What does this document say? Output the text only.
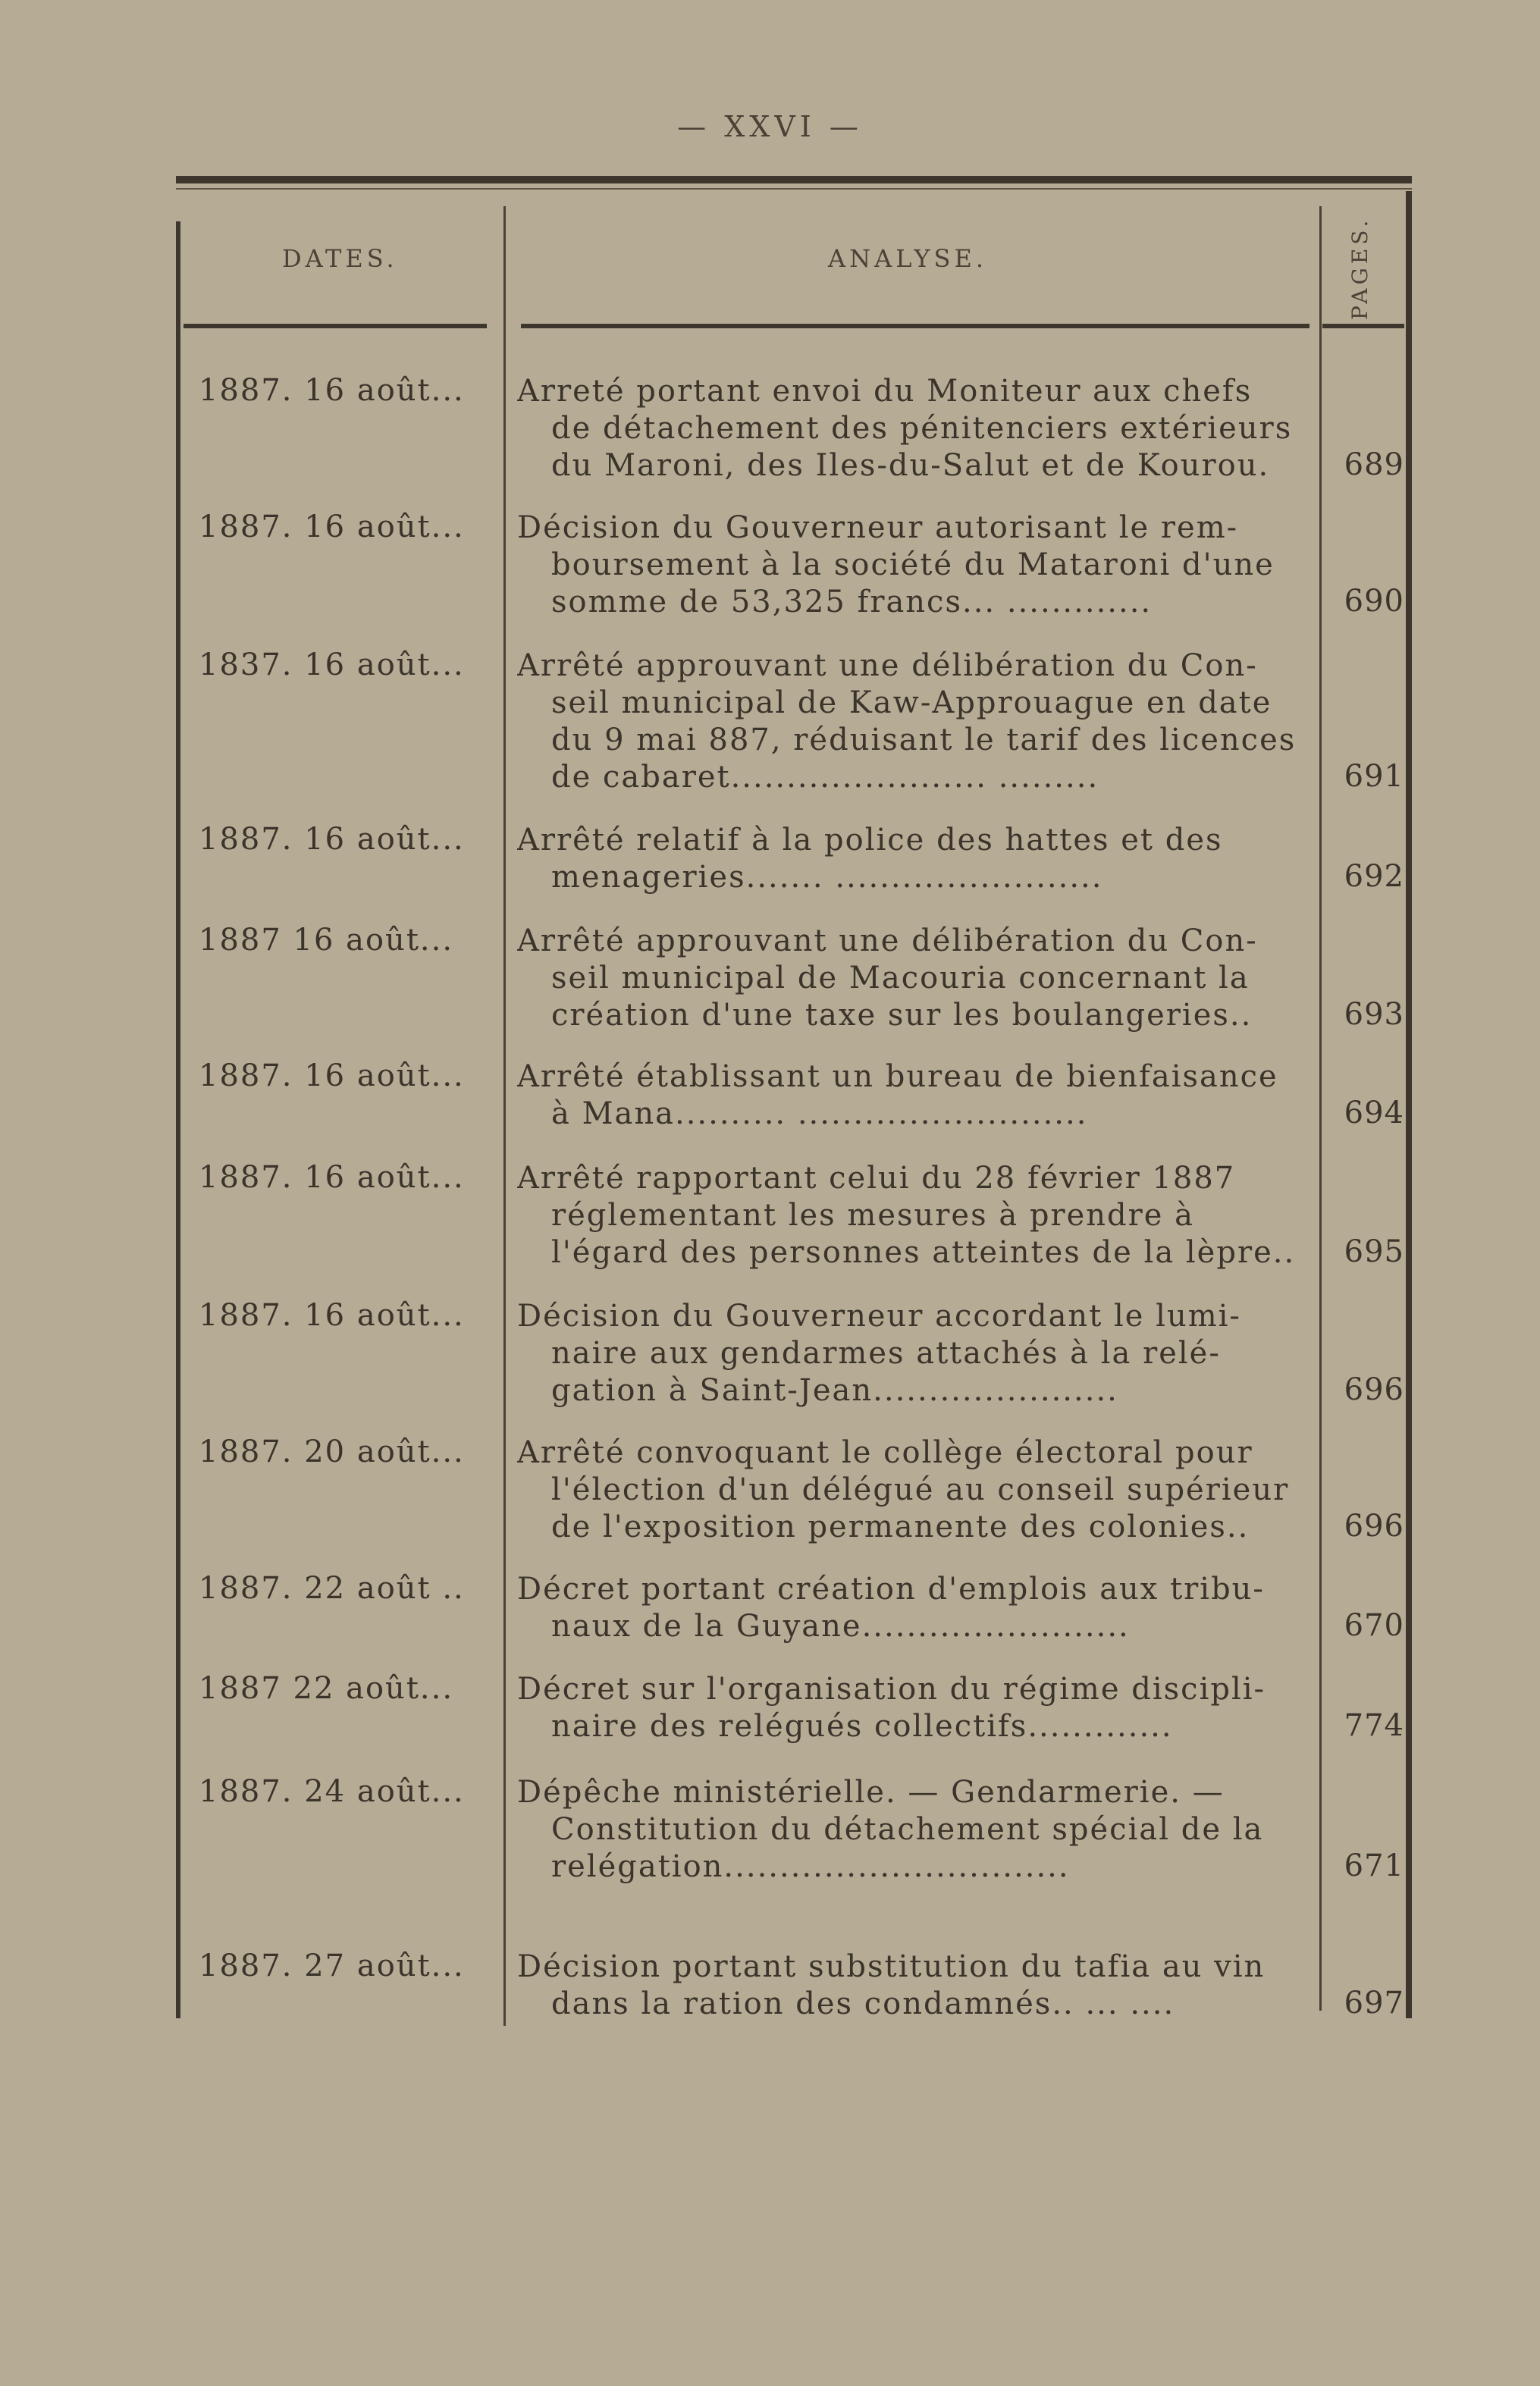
— XXVI —
DATES.	ANALYSE.	PAGES.
1887. 16 août...	Arreté portant envoi du Moniteur aux chefs
de détachement des pénitenciers extérieurs
du Maroni, des Iles-du-Salut et de Kourou.	689
1887. 16 août...	Décision du Gouverneur autorisant le rem-
boursement à la société du Mataroni d'une
somme de 53,325 francs... .............	690
1837. 16 août...	Arrêté approuvant une délibération du Con-
seil municipal de Kaw-Approuague en date
du 9 mai 887, réduisant le tarif des licences
de cabaret....................... .........	691
1887. 16 août...	Arrêté relatif à la police des hattes et des
menageries....... ........................	692
1887 16 août...	Arrêté approuvant une délibération du Con-
seil municipal de Macouria concernant la
création d'une taxe sur les boulangeries..	693
1887. 16 août...	Arrêté établissant un bureau de bienfaisance
à Mana.......... ..........................	694
1887. 16 août...	Arrêté rapportant celui du 28 février 1887
réglementant les mesures à prendre à
l'égard des personnes atteintes de la lèpre..	695
1887. 16 août...	Décision du Gouverneur accordant le lumi-
naire aux gendarmes attachés à la relé-
gation à Saint-Jean......................	696
1887. 20 août...	Arrêté convoquant le collège électoral pour
l'élection d'un délégué au conseil supérieur
de l'exposition permanente des colonies..	696
1887. 22 août ..	Décret portant création d'emplois aux tribu-
naux de la Guyane........................	670
1887 22 août...	Décret sur l'organisation du régime discipli-
naire des relégués collectifs.............	774
1887. 24 août...	Dépêche ministérielle. — Gendarmerie. —
Constitution du détachement spécial de la
relégation...............................	671
1887. 27 août...	Décision portant substitution du tafia au vin
dans la ration des condamnés.. ... ....	697
